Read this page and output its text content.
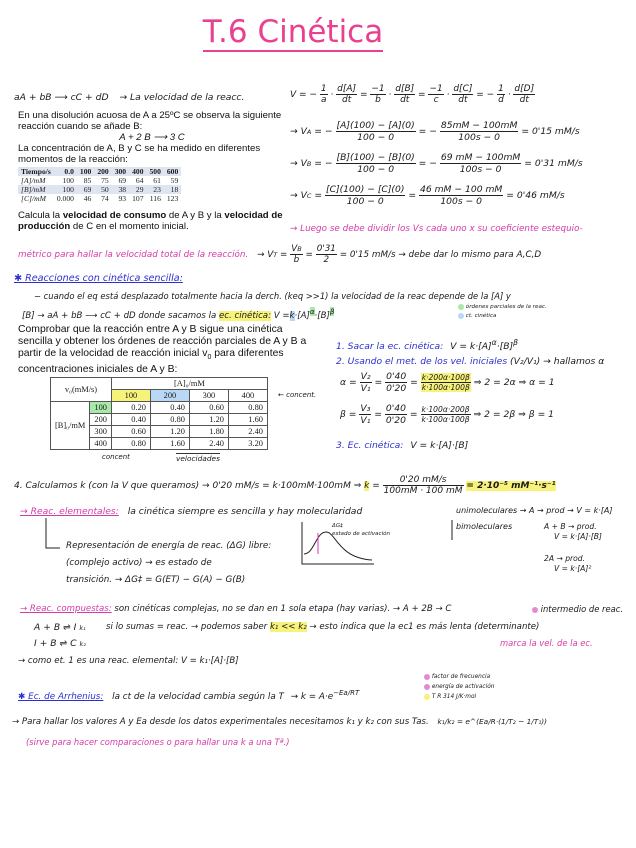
T.6 Cinética
aA + bB ⟶ cC + dD → La velocidad de la reacc.	V = − $\frac{1}{a} \cdot \frac{d[A]}{dt} = \frac{-1}{b} \cdot \frac{d[B]}{dt} = \frac{-1}{c} \cdot \frac{d[C]}{dt}$ = − $\frac{1}{d} \cdot \frac{d[D]}{dt}$
En una disolución acuosa de A a 25ºC se observa la siguiente
reacción cuando se añade B:
A + 2 B ⟶ 3 C
La concentración de A, B y C se ha medido en diferentes
momentos de la reacción:
Tiempo/s	0.0	100	200	300	400	500	600
[A]/mM	100	85	75	69	64	61	59
[B]/mM	100	69	50	38	29	23	18
[C]/mM	0.000	46	74	93	107	116	123
Calcula la velocidad de consumo de A y B y la velocidad de producción de C en el momento inicial.
→ VA = − $\frac{[A](100) - [A](0)}{100 - 0}$ = − $\frac{85mM - 100mM}{100s - 0} = 0'15$ mM/s
→ VB = − $\frac{[B](100) - [B](0)}{100 - 0}$ = − $\frac{69 mM - 100mM}{100s - 0} = 0'31$ mM/s
→ VC = $\frac{[C](100) - [C](0)}{100 - 0} = \frac{46 mM - 100 mM}{100s - 0} = 0'46$ mM/s
→ Luego se debe dividir los Vs cada uno x su coeficiente estequio-
métrico para hallar la velocidad total de la reacción. → VT = $\frac{VB}{b} = \frac{0'31}{2} = 0'15$ mM/s → debe dar lo mismo para A,C,D
✱ Reacciones con cinética sencilla:
− cuando el eq está desplazado totalmente hacia la derch. (keq >>1) la velocidad de la reac depende de la [A] y
[B] → aA + bB ⟶ cC + dD donde sacamos la ec. cinética: $V =k\cdot[A]^\alpha\cdot[B]^\beta$	órdenes parciales de la reac.
ct. cinética
Comprobar que la reacción entre A y B sigue una cinética
sencilla y obtener los órdenes de reacción parciales de A y B a
partir de la velocidad de reacción inicial $v_0$ para diferentes
concentraciones iniciales de A y B:
v₀(mM/s)		[A]₀/mM			
		100	200	300	400
[B]₀/mM	100	0.20	0.40	0.60	0.80
	200	0.40	0.80	1.20	1.60
	300	0.60	1.20	1.80	2.40
	400	0.80	1.60	2.40	3.20
← concent.
concent	velocidades
1. Sacar la ec. cinética: $V = k\cdot[A]^\alpha\cdot[B]^\beta$
2. Usando el met. de los vel. iniciales (V₂/V₁) → hallamos α
$\alpha = \frac{\text{V₂}}{\text{V₁}} = \frac{0'40}{0'20} = \frac{k\cdot 200\alpha\cdot 100\beta}{k\cdot 100\alpha\cdot 100\beta}$ ⇒ 2 = 2α ⇒ α = 1
$\beta = \frac{\text{V₃}}{\text{V₁}} = \frac{0'40}{0'20} = \frac{k\cdot 100\alpha\cdot 200\beta}{k\cdot 100\alpha\cdot 100\beta}$ ⇒ 2 = 2β ⇒ β = 1
3. Ec. cinética: V = k·[A]·[B]
4. Calculamos k (con la V que queramos) → 0'20 mM/s = k·100mM·100mM ⇒ $k = \frac{0'20 mM/s}{100mM \cdot 100 mM} = 2\cdot 10^{-5}$ mM⁻¹·s⁻¹
→ Reac. elementales: la cinética siempre es sencilla y hay molecularidad	unimoleculares → A → prod → V = k·[A]
bimoleculares	A + B → prod.
V = k·[A]·[B]
2A → prod.
V = k·[A]²
ΔG‡
estado de activación
Representación de energía de reac. (ΔG) libre:
(complejo activo) → es estado de
transición. → ΔG‡ = G(ET) − G(A) − G(B)
→ Reac. compuestas: son cinéticas complejas, no se dan en 1 sola etapa (hay varias). → A + 2B → C	intermedio de reac.
A + B ⇌ I k₁
I + B ⇌ C k₂
si lo sumas = reac. → podemos saber k₁ << k₂ → esto indica que la ec1 es más lenta (determinante)
marca la vel. de la ec.
→ como et. 1 es una reac. elemental: V = k₁·[A]·[B]
✱ Ec. de Arrhenius: la ct de la velocidad cambia según la $T \to k = A\cdot e^{-Ea/RT}$
factor de frecuencia
energía de activación
T R 314 J/K·mol
→ Para hallar los valores A y Ea desde los datos experimentales necesitamos k₁ y k₂ con sus Tas. k₁/k₂ = e^(Ea/R·(1/T₂ − 1/T₁))
(sirve para hacer comparaciones o para hallar una k a una Tª.)
